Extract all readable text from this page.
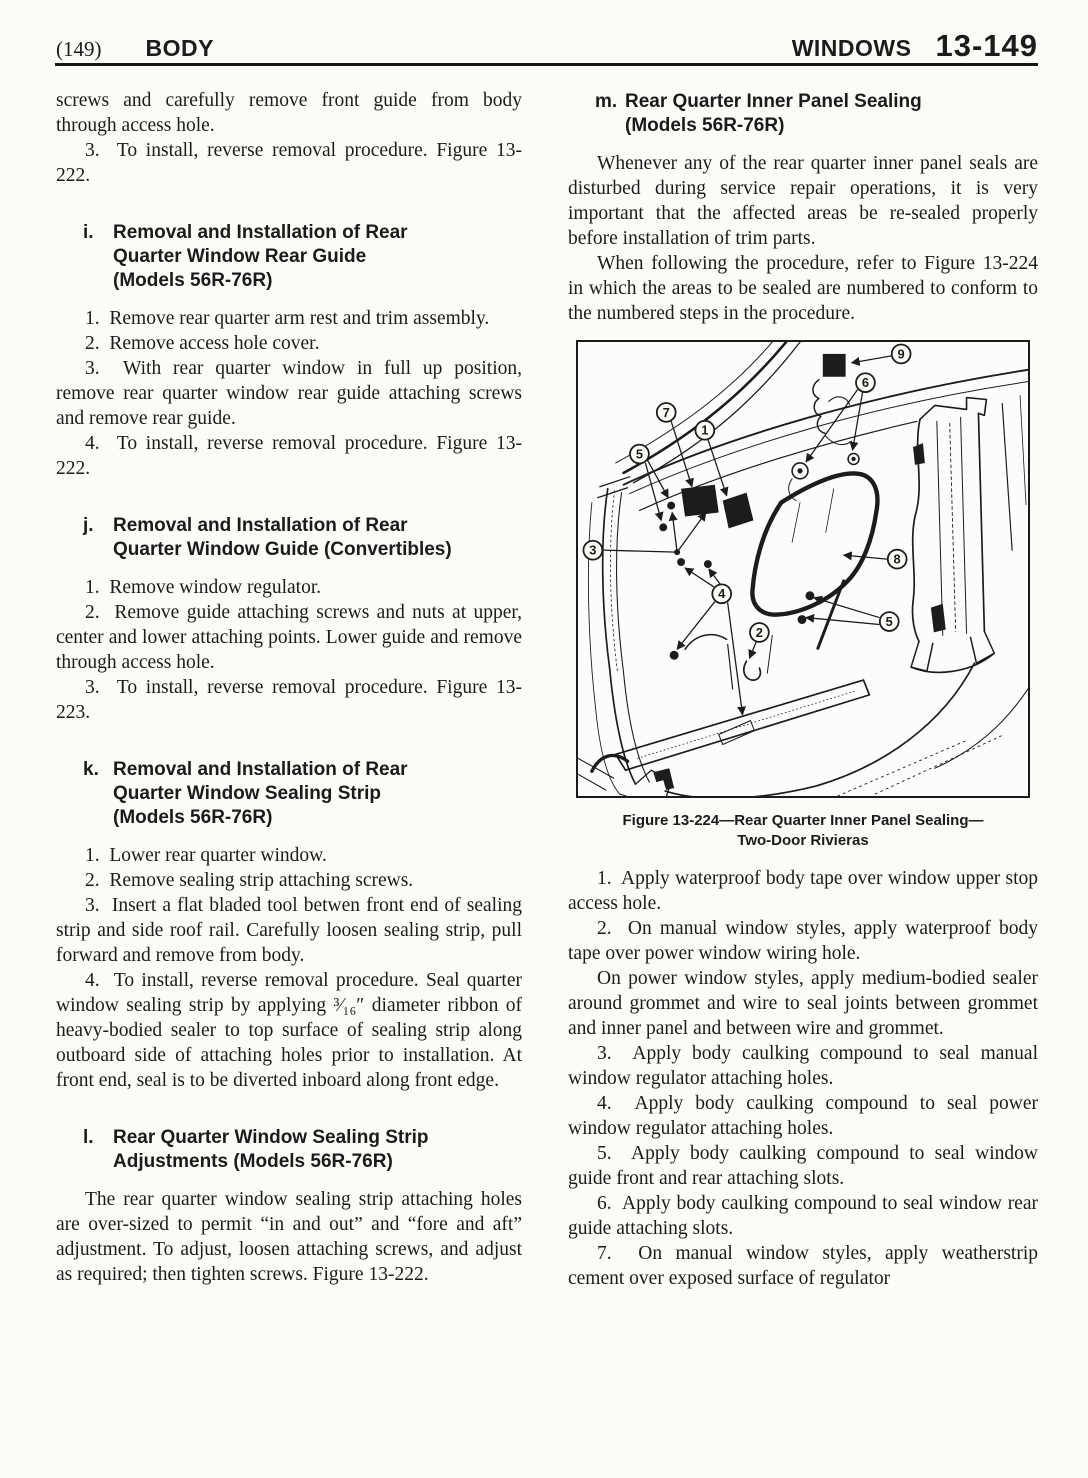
(149) BODY	WINDOWS 13-149

screws and carefully remove front guide from body through access hole.

3.  To install, reverse removal procedure. Figure 13-222.

i.	Removal and Installation of Rear
Quarter Window Rear Guide
(Models 56R-76R)

1.  Remove rear quarter arm rest and trim assembly.

2.  Remove access hole cover.

3.  With rear quarter window in full up position, remove rear quarter window rear guide attaching screws and remove rear guide.

4.  To install, reverse removal procedure. Figure 13-222.

j.	Removal and Installation of Rear
Quarter Window Guide (Convertibles)

1.  Remove window regulator.

2.  Remove guide attaching screws and nuts at upper, center and lower attaching points. Lower guide and remove through access hole.

3.  To install, reverse removal procedure. Figure 13-223.

k. Removal and Installation of Rear
Quarter Window Sealing Strip
(Models 56R-76R)

1.  Lower rear quarter window.

2.  Remove sealing strip attaching screws.

3.  Insert a flat bladed tool betwen front end of sealing strip and side roof rail. Carefully loosen sealing strip, pull forward and remove from body.

4.  To install, reverse removal procedure. Seal quarter window sealing strip by applying ³⁄₁₆″ diameter ribbon of heavy-bodied sealer to top surface of sealing strip along outboard side of attaching holes prior to installation. At front end, seal is to be diverted inboard along front edge.

l.	Rear Quarter Window Sealing Strip
Adjustments (Models 56R-76R)

The rear quarter window sealing strip attaching holes are over-sized to permit “in and out” and “fore and aft” adjustment. To adjust, loosen attaching screws, and adjust as required; then tighten screws. Figure 13-222.

m. Rear Quarter Inner Panel Sealing
(Models 56R-76R)

Whenever any of the rear quarter inner panel seals are disturbed during service repair operations, it is very important that the affected areas be re-sealed properly before installation of trim parts.

When following the procedure, refer to Figure 13-224 in which the areas to be sealed are numbered to conform to the numbered steps in the procedure.

9
6
7
1
5
3
4
2
8
5
Figure 13-224—Rear Quarter Inner Panel Sealing—
Two-Door Rivieras

1.  Apply waterproof body tape over window upper stop access hole.

2.  On manual window styles, apply waterproof body tape over power window wiring hole.

On power window styles, apply medium-bodied sealer around grommet and wire to seal joints between grommet and inner panel and between wire and grommet.

3.  Apply body caulking compound to seal manual window regulator attaching holes.

4.  Apply body caulking compound to seal power window regulator attaching holes.

5.  Apply body caulking compound to seal window guide front and rear attaching slots.

6.  Apply body caulking compound to seal window rear guide attaching slots.

7.  On manual window styles, apply weatherstrip cement over exposed surface of regulator
